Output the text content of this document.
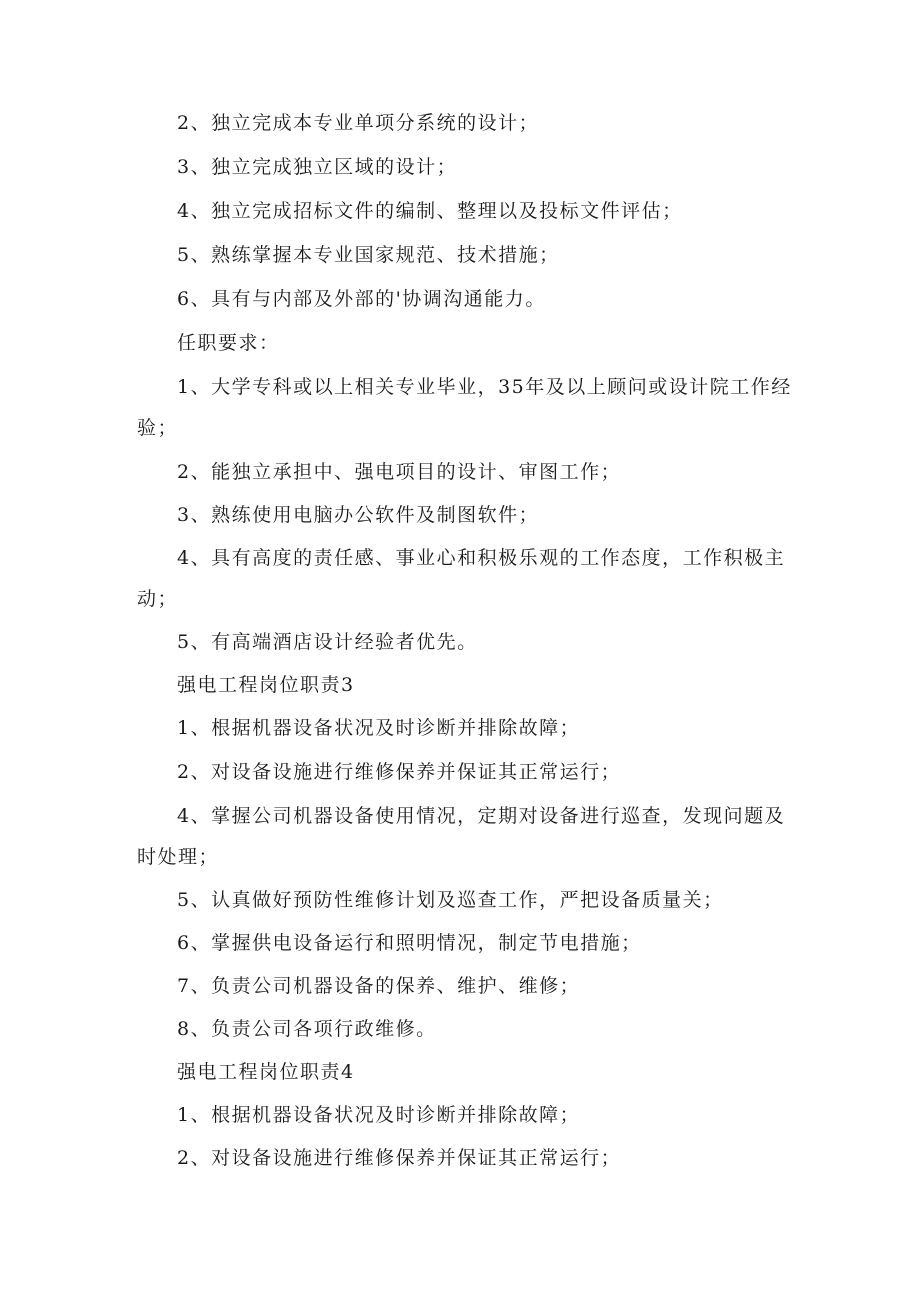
2、独立完成本专业单项分系统的设计；

3、独立完成独立区域的设计；

4、独立完成招标文件的编制、整理以及投标文件评估；

5、熟练掌握本专业国家规范、技术措施；

6、具有与内部及外部的'协调沟通能力。

任职要求：

1、大学专科或以上相关专业毕业，35年及以上顾问或设计院工作经验；

2、能独立承担中、强电项目的设计、审图工作；

3、熟练使用电脑办公软件及制图软件；

4、具有高度的责任感、事业心和积极乐观的工作态度，工作积极主动；

5、有高端酒店设计经验者优先。

强电工程岗位职责3

1、根据机器设备状况及时诊断并排除故障；

2、对设备设施进行维修保养并保证其正常运行；

4、掌握公司机器设备使用情况，定期对设备进行巡查，发现问题及时处理；

5、认真做好预防性维修计划及巡查工作，严把设备质量关；

6、掌握供电设备运行和照明情况，制定节电措施；

7、负责公司机器设备的保养、维护、维修；

8、负责公司各项行政维修。

强电工程岗位职责4

1、根据机器设备状况及时诊断并排除故障；

2、对设备设施进行维修保养并保证其正常运行；
